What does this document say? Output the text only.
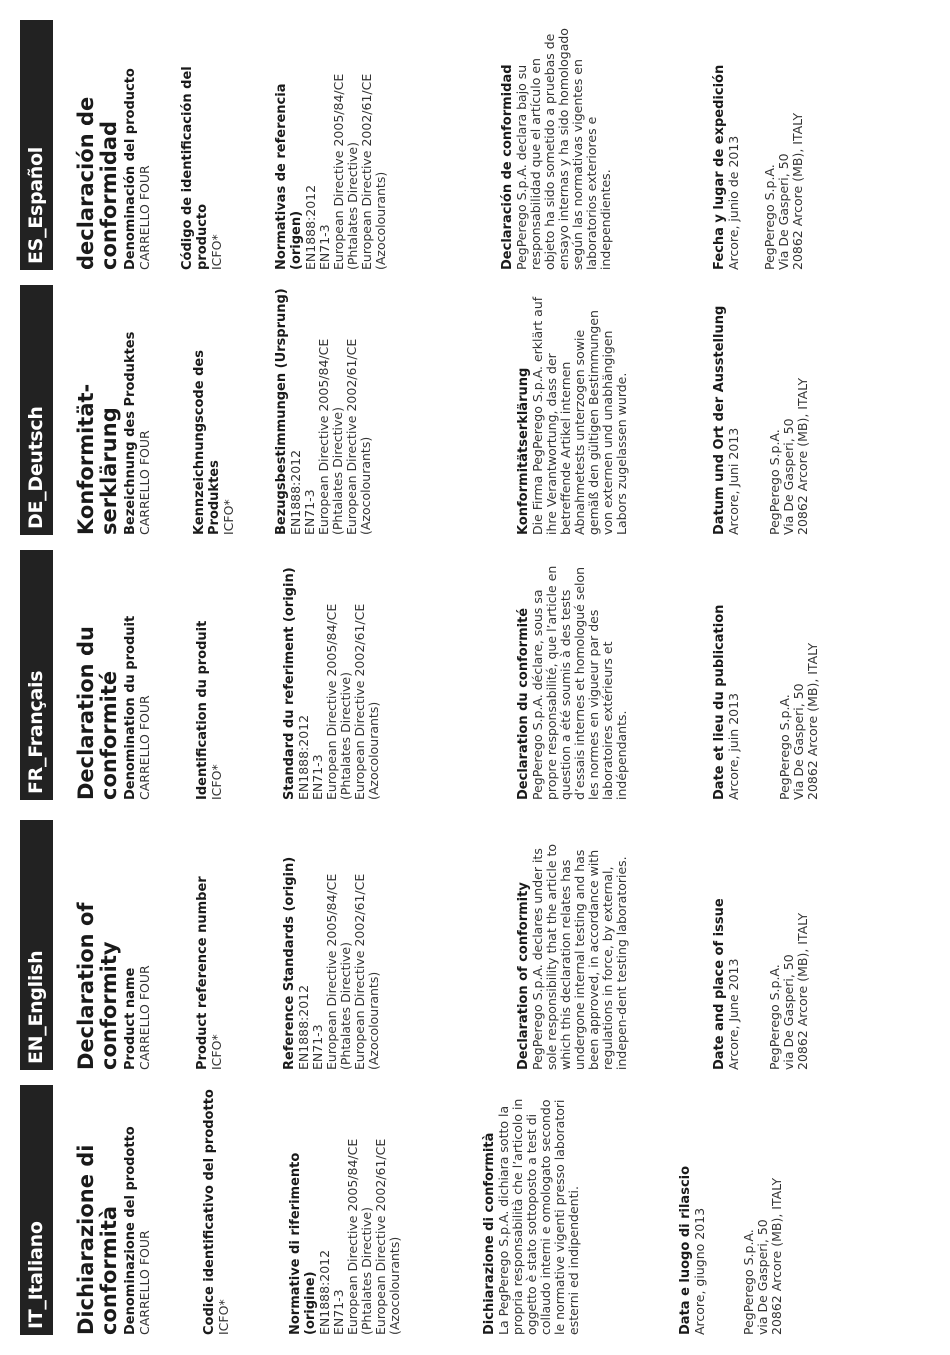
IT_Italiano Dichiarazione di conformità Denominazione del prodotto CARRELLO FOUR	Codice identificativo del prodotto ICFO*	Normative di riferimento (origine) EN1888:2012 EN71-3 European Directive 2005/84/CE (Phtalates Directive) European Directive 2002/61/CE (Azocolourants)	Dichiarazione di conformità La PegPerego S.p.A. dichiara sotto la propria responsabilità che l’articolo in oggetto è stato sottoposto a test di collaudo interni e omologato secondo le normative vigenti presso laboratori esterni ed indipendenti.	Data e luogo di rilascio Arcore, giugno 2013	PegPerego S.p.A. via De Gasperi, 50 20862 Arcore (MB), ITALY
EN_English Declaration of conformity Product name CARRELLO FOUR	Product reference number ICFO*	Reference Standards (origin) EN1888:2012 EN71-3 European Directive 2005/84/CE (Phtalates Directive) European Directive 2002/61/CE (Azocolourants)	Declaration of conformity PegPerego S.p.A. declares under its sole responsibility that the article to which this declaration relates has undergone internal testing and has been approved, in accordance with regulations in force, by external, indepen-dent testing laboratories.	Date and place of issue Arcore, June 2013 PegPerego S.p.A. via De Gasperi, 50 20862 Arcore (MB), ITALY
FR_Français Declaration du conformité Denomination du produit CARRELLO FOUR	Identification du produit ICFO*	Standard du referiment (origin) EN1888:2012 EN71-3 European Directive 2005/84/CE (Phtalates Directive) European Directive 2002/61/CE (Azocolourants)	Declaration du conformité PegPerego S.p.A. déclare, sous sa propre responsabilité, que l’article en question a été soumis à des tests d’essais internes et homologué selon les normes en vigueur par des laboratoires extérieurs et indépendants.	Date et lieu du publication Arcore, juin 2013	PegPerego S.p.A. Via De Gasperi, 50 20862 Arcore (MB), ITALY
DE_Deutsch Konformität-serklärung Bezeichnung des Produktes CARRELLO FOUR	Kennzeichnungscode des Produktes ICFO*	Bezugsbestimmungen (Ursprung) EN1888:2012 EN71-3 European Directive 2005/84/CE (Phtalates Directive) European Directive 2002/61/CE (Azocolourants)	Konformitätserklärung Die Firma PegPerego S.p.A. erklärt auf ihre Verantwortung, dass der betreffende Artikel internen Abnahmetests unterzogen sowie gemäß den gültigen Bestimmungen von externen und unabhängigen Labors zugelassen wurde.	Datum und Ort der Ausstellung Arcore, Juni 2013 PegPerego S.p.A. Via De Gasperi, 50 20862 Arcore (MB), ITALY
ES_Español declaración de conformidad Denominación del producto CARRELLO FOUR Código de identificación del producto ICFO*	Normativas de referencia (origen) EN1888:2012 EN71-3 European Directive 2005/84/CE (Phtalates Directive) European Directive 2002/61/CE (Azocolourants)	Declaración de conformidad PegPerego S.p.A. declara bajo su responsabilidad que el artículo en objeto ha sido sometido a pruebas de ensayo internas y ha sido homologado según las normativas vigentes en laboratorios exteriores e independientes.	Fecha y lugar de expedición Arcore, junio de 2013 PegPerego S.p.A. Via De Gasperi, 50 20862 Arcore (MB), ITALY
